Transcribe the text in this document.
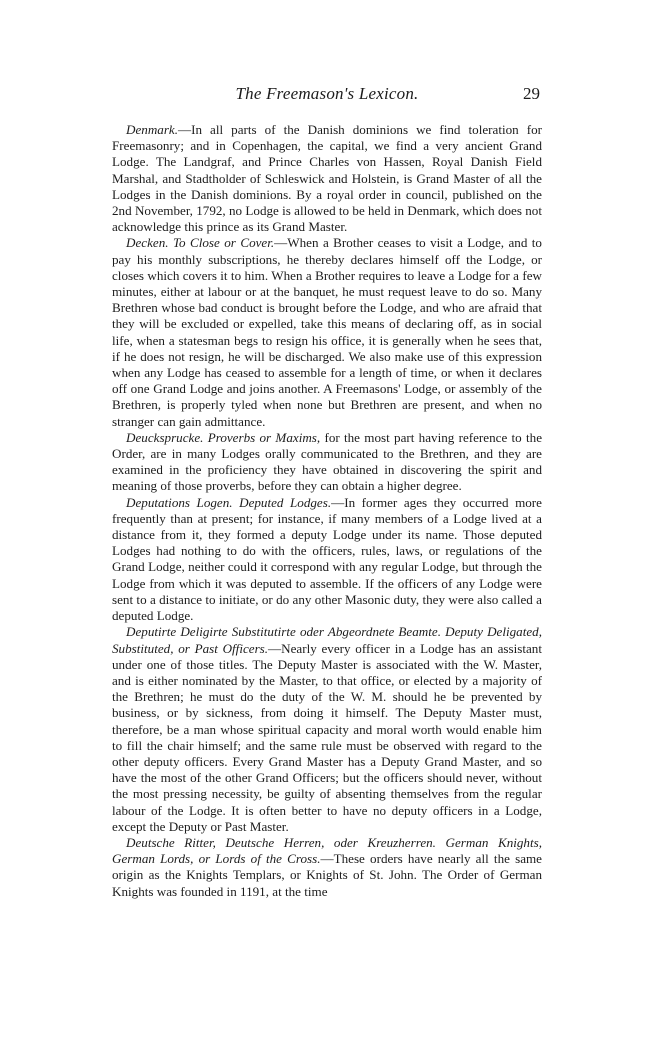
The Freemason's Lexicon.	29

Denmark.—In all parts of the Danish dominions we find toleration for Freemasonry; and in Copenhagen, the capital, we find a very ancient Grand Lodge. The Landgraf, and Prince Charles von Hassen, Royal Danish Field Marshal, and Stadtholder of Schleswick and Holstein, is Grand Master of all the Lodges in the Danish dominions. By a royal order in council, published on the 2nd November, 1792, no Lodge is allowed to be held in Denmark, which does not acknowledge this prince as its Grand Master.

Decken. To Close or Cover.—When a Brother ceases to visit a Lodge, and to pay his monthly subscriptions, he thereby declares himself off the Lodge, or closes which covers it to him. When a Brother requires to leave a Lodge for a few minutes, either at labour or at the banquet, he must request leave to do so. Many Brethren whose bad conduct is brought before the Lodge, and who are afraid that they will be excluded or expelled, take this means of declaring off, as in social life, when a statesman begs to resign his office, it is generally when he sees that, if he does not resign, he will be discharged. We also make use of this expression when any Lodge has ceased to assemble for a length of time, or when it declares off one Grand Lodge and joins another. A Freemasons' Lodge, or assembly of the Brethren, is properly tyled when none but Brethren are present, and when no stranger can gain admittance.

Deucksprucke. Proverbs or Maxims, for the most part having reference to the Order, are in many Lodges orally communicated to the Brethren, and they are examined in the proficiency they have obtained in discovering the spirit and meaning of those proverbs, before they can obtain a higher degree.

Deputations Logen. Deputed Lodges.—In former ages they occurred more frequently than at present; for instance, if many members of a Lodge lived at a distance from it, they formed a deputy Lodge under its name. Those deputed Lodges had nothing to do with the officers, rules, laws, or regulations of the Grand Lodge, neither could it correspond with any regular Lodge, but through the Lodge from which it was deputed to assemble. If the officers of any Lodge were sent to a distance to initiate, or do any other Masonic duty, they were also called a deputed Lodge.

Deputirte Deligirte Substitutirte oder Abgeordnete Beamte. Deputy Deligated, Substituted, or Past Officers.—Nearly every officer in a Lodge has an assistant under one of those titles. The Deputy Master is associated with the W. Master, and is either nominated by the Master, to that office, or elected by a majority of the Brethren; he must do the duty of the W. M. should he be prevented by business, or by sickness, from doing it himself. The Deputy Master must, therefore, be a man whose spiritual capacity and moral worth would enable him to fill the chair himself; and the same rule must be observed with regard to the other deputy officers. Every Grand Master has a Deputy Grand Master, and so have the most of the other Grand Officers; but the officers should never, without the most pressing necessity, be guilty of absenting themselves from the regular labour of the Lodge. It is often better to have no deputy officers in a Lodge, except the Deputy or Past Master.

Deutsche Ritter, Deutsche Herren, oder Kreuzherren. German Knights, German Lords, or Lords of the Cross.—These orders have nearly all the same origin as the Knights Templars, or Knights of St. John. The Order of German Knights was founded in 1191, at the time
